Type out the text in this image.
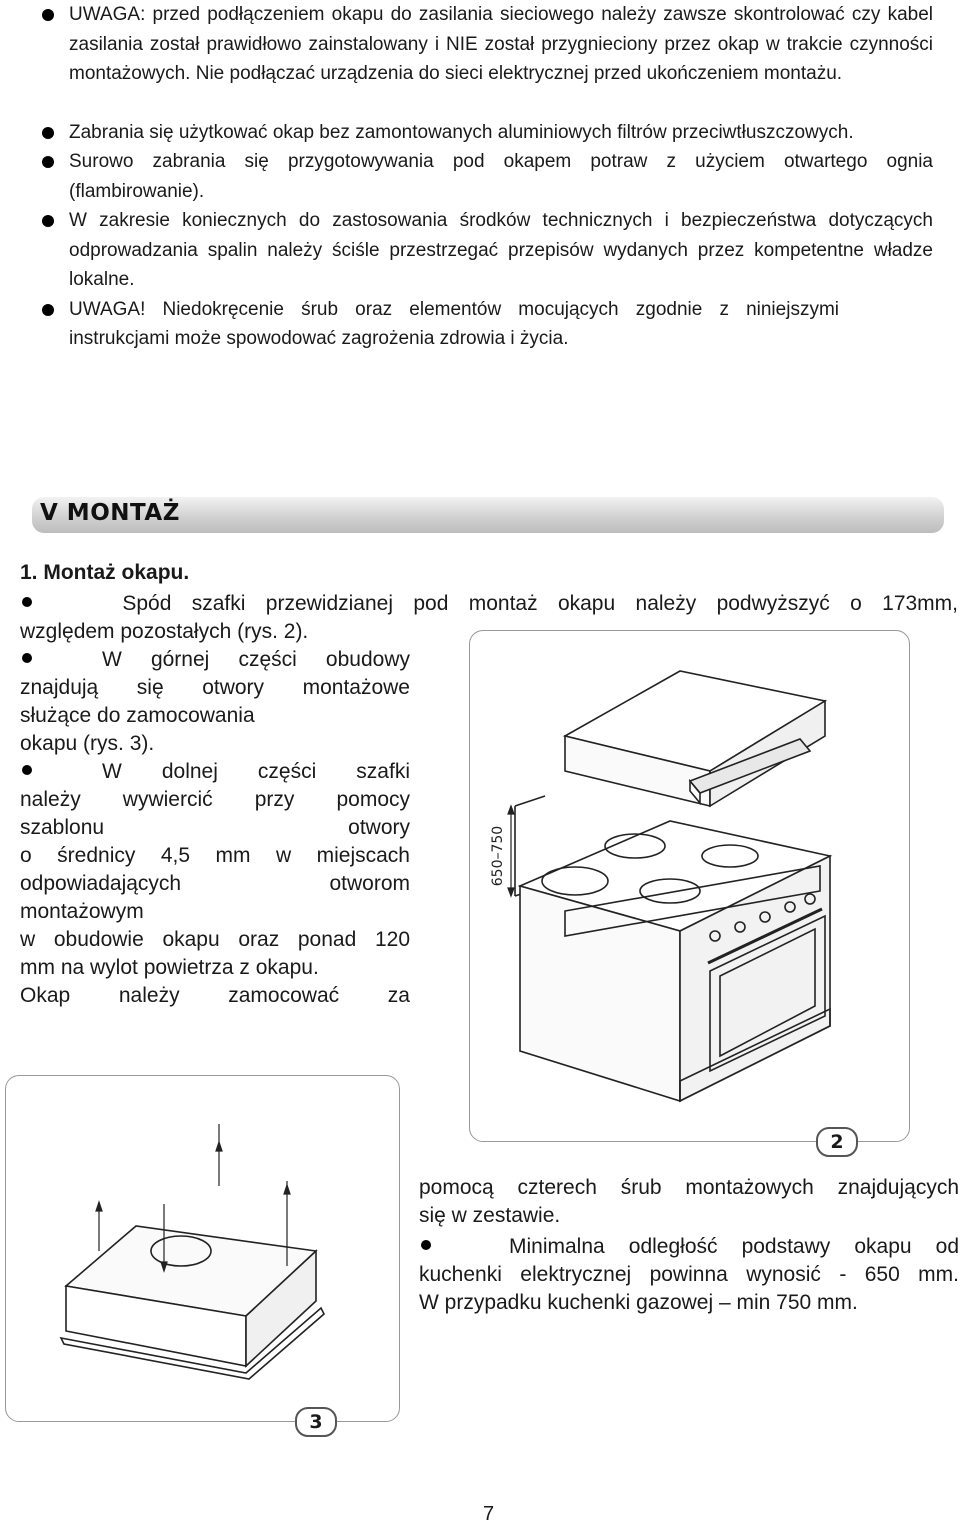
UWAGA: przed podłączeniem okapu do zasilania sieciowego należy zawsze skontrolować czy kabel zasilania został prawidłowo zainstalowany i NIE został przygnieciony przez okap w trakcie czynności montażowych. Nie podłączać urządzenia do sieci elektrycznej przed ukończeniem montażu.
Zabrania się użytkować okap bez zamontowanych aluminiowych filtrów przeciwtłuszczowych.
Surowo zabrania się przygotowywania pod okapem potraw z użyciem otwartego ognia (flambirowanie).
W zakresie koniecznych do zastosowania środków technicznych i bezpieczeństwa dotyczących odprowadzania spalin należy ściśle przestrzegać przepisów wydanych przez kompetentne władze lokalne.
UWAGA! Niedokręcenie śrub oraz elementów mocujących zgodnie z niniejszymi instrukcjami może spowodować zagrożenia zdrowia i życia.
V MONTAŻ
1. Montaż okapu.
Spód szafki przewidzianej pod montaż okapu należy podwyższyć o 173mm,
względem pozostałych (rys. 2).
W górnej części obudowy
znajdują się otwory montażowe
służące do zamocowania
okapu (rys. 3).
W dolnej części szafki
należy wywiercić przy pomocy
szablonu otwory
o średnicy 4,5 mm w miejscach
odpowiadających otworom
montażowym
w obudowie okapu oraz ponad 120
mm na wylot powietrza z okapu.
Okap należy zamocować za
650–750
2
3
pomocą czterech śrub montażowych znajdujących
się w zestawie.
Minimalna odległość podstawy okapu od
kuchenki elektrycznej powinna wynosić - 650 mm.
W przypadku kuchenki gazowej – min 750 mm.
7
